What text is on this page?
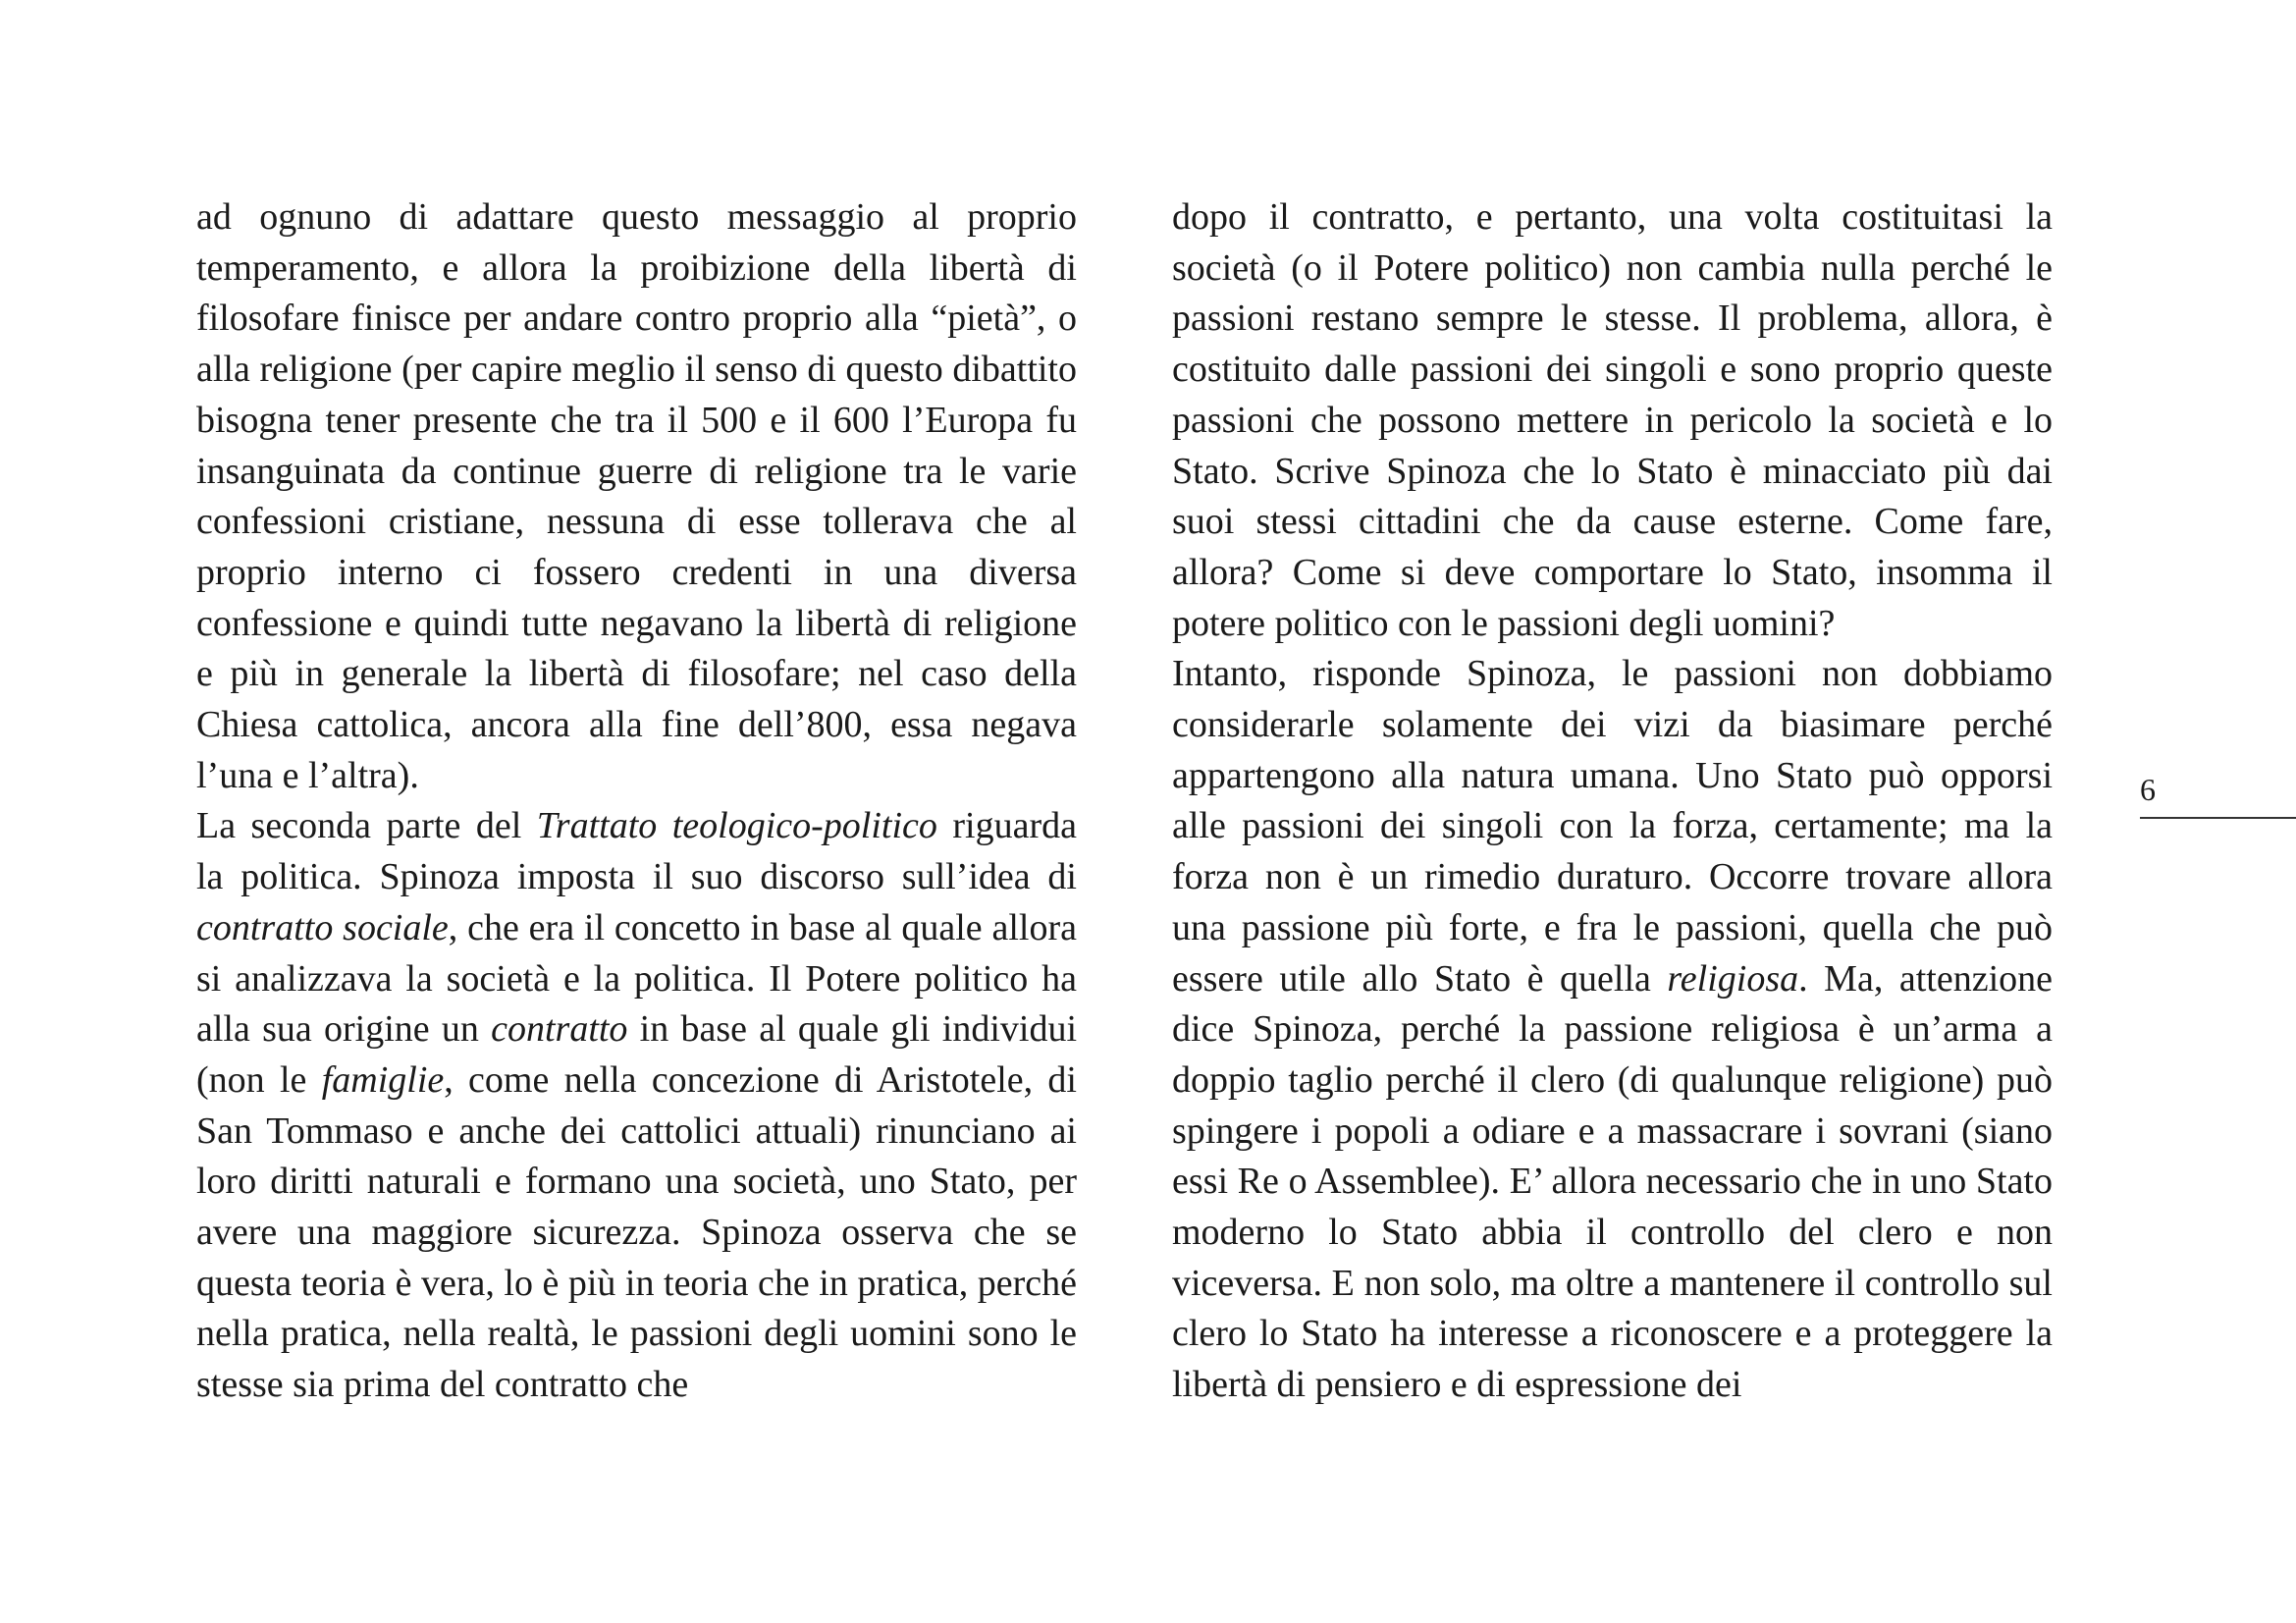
ad ognuno di adattare questo messaggio al proprio temperamento, e allora la proibizione della libertà di filosofare finisce per andare contro proprio alla “pietà”, o alla religione (per capire meglio il senso di questo dibattito bisogna tener presente che tra il 500 e il 600 l’Europa fu insanguinata da continue guerre di religione tra le varie confessioni cristiane, nessuna di esse tollerava che al proprio interno ci fossero credenti in una diversa confessione e quindi tutte negavano la libertà di religione e più in generale la libertà di filosofare; nel caso della Chiesa cattolica, ancora alla fine dell’800, essa negava l’una e l’altra).

La seconda parte del Trattato teologico-politico riguarda la politica. Spinoza imposta il suo discorso sull’idea di contratto sociale, che era il concetto in base al quale allora si analizzava la società e la politica. Il Potere politico ha alla sua origine un contratto in base al quale gli individui (non le famiglie, come nella concezione di Aristotele, di San Tommaso e anche dei cattolici attuali) rinunciano ai loro diritti naturali e formano una società, uno Stato, per avere una maggiore sicurezza. Spinoza osserva che se questa teoria è vera, lo è più in teoria che in pratica, perché nella pratica, nella realtà, le passioni degli uomini sono le stesse sia prima del contratto che

dopo il contratto, e pertanto, una volta costituitasi la società (o il Potere politico) non cambia nulla perché le passioni restano sempre le stesse. Il problema, allora, è costituito dalle passioni dei singoli e sono proprio queste passioni che possono mettere in pericolo la società e lo Stato. Scrive Spinoza che lo Stato è minacciato più dai suoi stessi cittadini che da cause esterne. Come fare, allora? Come si deve comportare lo Stato, insomma il potere politico con le passioni degli uomini?

Intanto, risponde Spinoza, le passioni non dobbiamo considerarle solamente dei vizi da biasimare perché appartengono alla natura umana. Uno Stato può opporsi alle passioni dei singoli con la forza, certamente; ma la forza non è un rimedio duraturo. Occorre trovare allora una passione più forte, e fra le passioni, quella che può essere utile allo Stato è quella religiosa. Ma, attenzione dice Spinoza, perché la passione religiosa è un’arma a doppio taglio perché il clero (di qualunque religione) può spingere i popoli a odiare e a massacrare i sovrani (siano essi Re o Assemblee). E’ allora necessario che in uno Stato moderno lo Stato abbia il controllo del clero e non viceversa. E non solo, ma oltre a mantenere il controllo sul clero lo Stato ha interesse a riconoscere e a proteggere la libertà di pensiero e di espressione dei

6
